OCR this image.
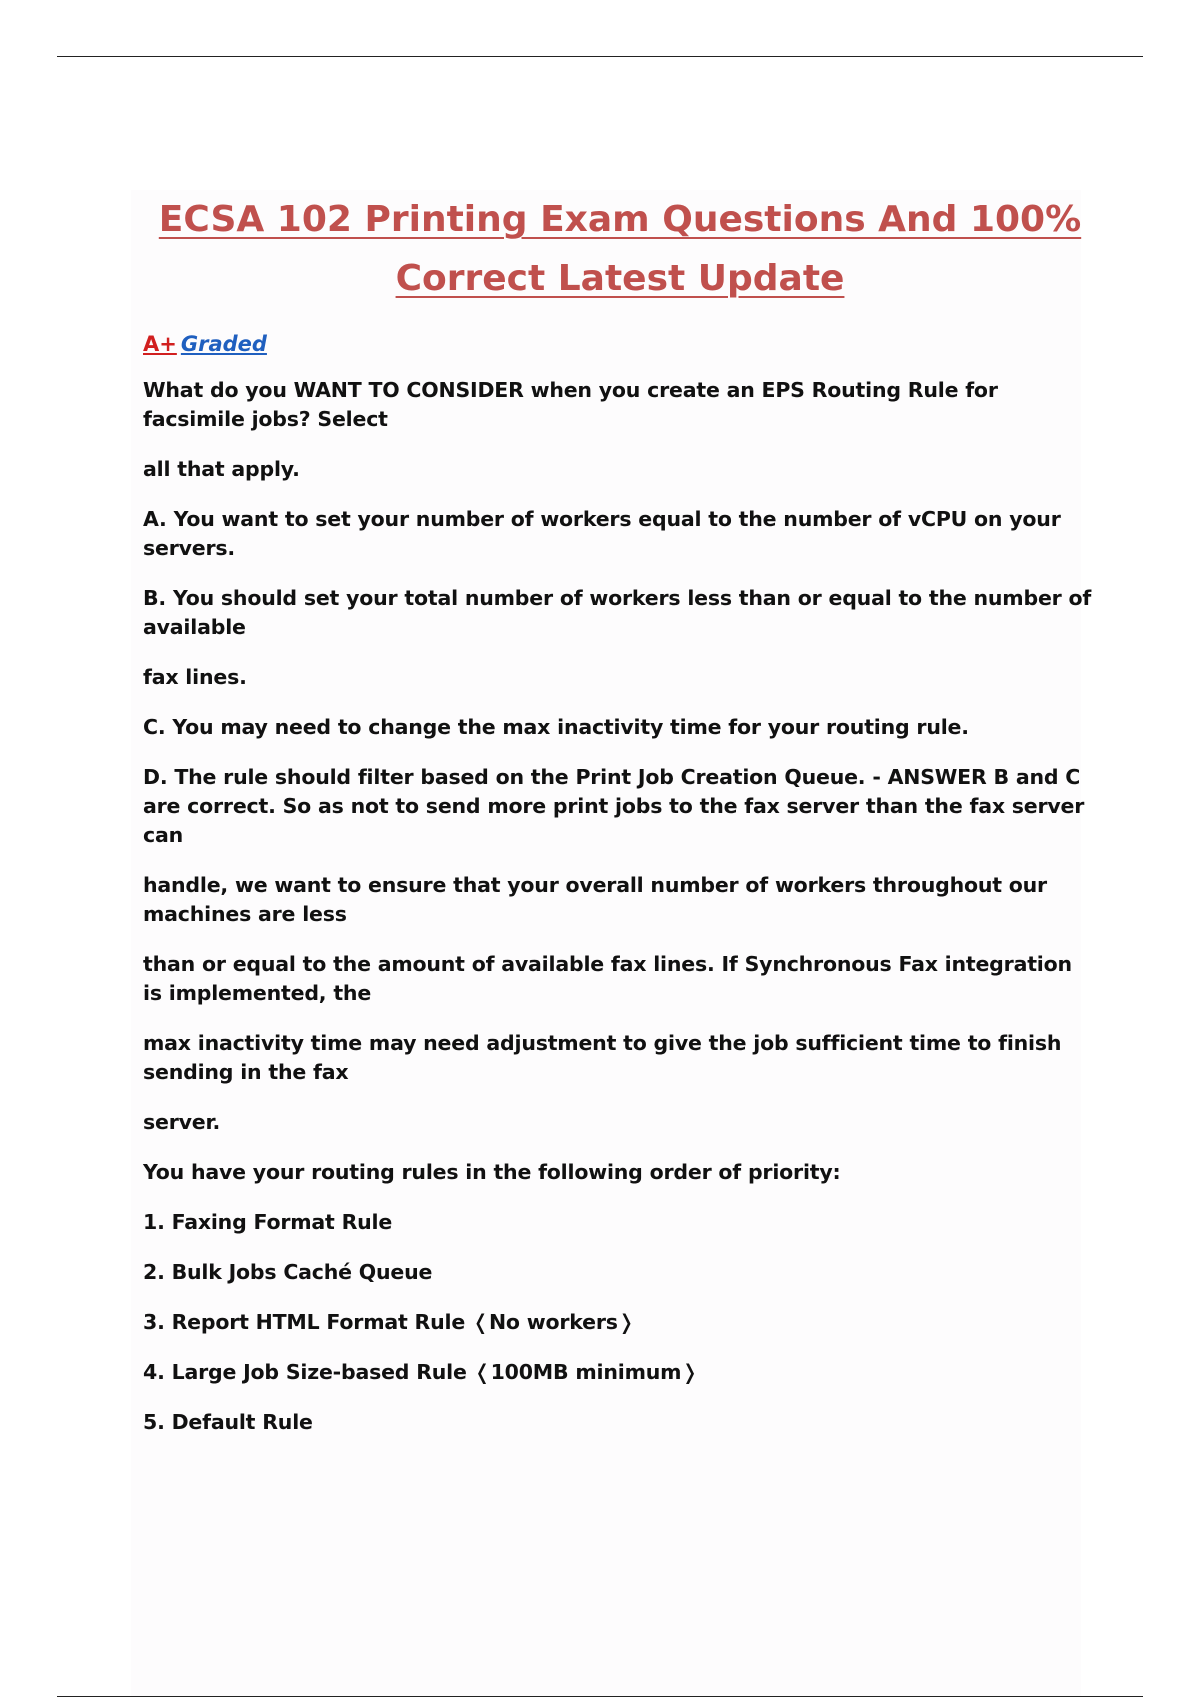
ECSA 102 Printing Exam Questions And 100%
Correct Latest Update

A+ Graded

What do you WANT TO CONSIDER when you create an EPS Routing Rule for facsimile jobs? Select

all that apply.

A. You want to set your number of workers equal to the number of vCPU on your servers.

B. You should set your total number of workers less than or equal to the number of available

fax lines.

C. You may need to change the max inactivity time for your routing rule.

D. The rule should filter based on the Print Job Creation Queue. - ANSWER B and C are correct. So as not to send more print jobs to the fax server than the fax server can

handle, we want to ensure that your overall number of workers throughout our machines are less

than or equal to the amount of available fax lines. If Synchronous Fax integration is implemented, the

max inactivity time may need adjustment to give the job sufficient time to finish sending in the fax

server.

You have your routing rules in the following order of priority:

1. Faxing Format Rule

2. Bulk Jobs Caché Queue

3. Report HTML Format Rule ❬No workers❭

4. Large Job Size-based Rule ❬100MB minimum❭

5. Default Rule
